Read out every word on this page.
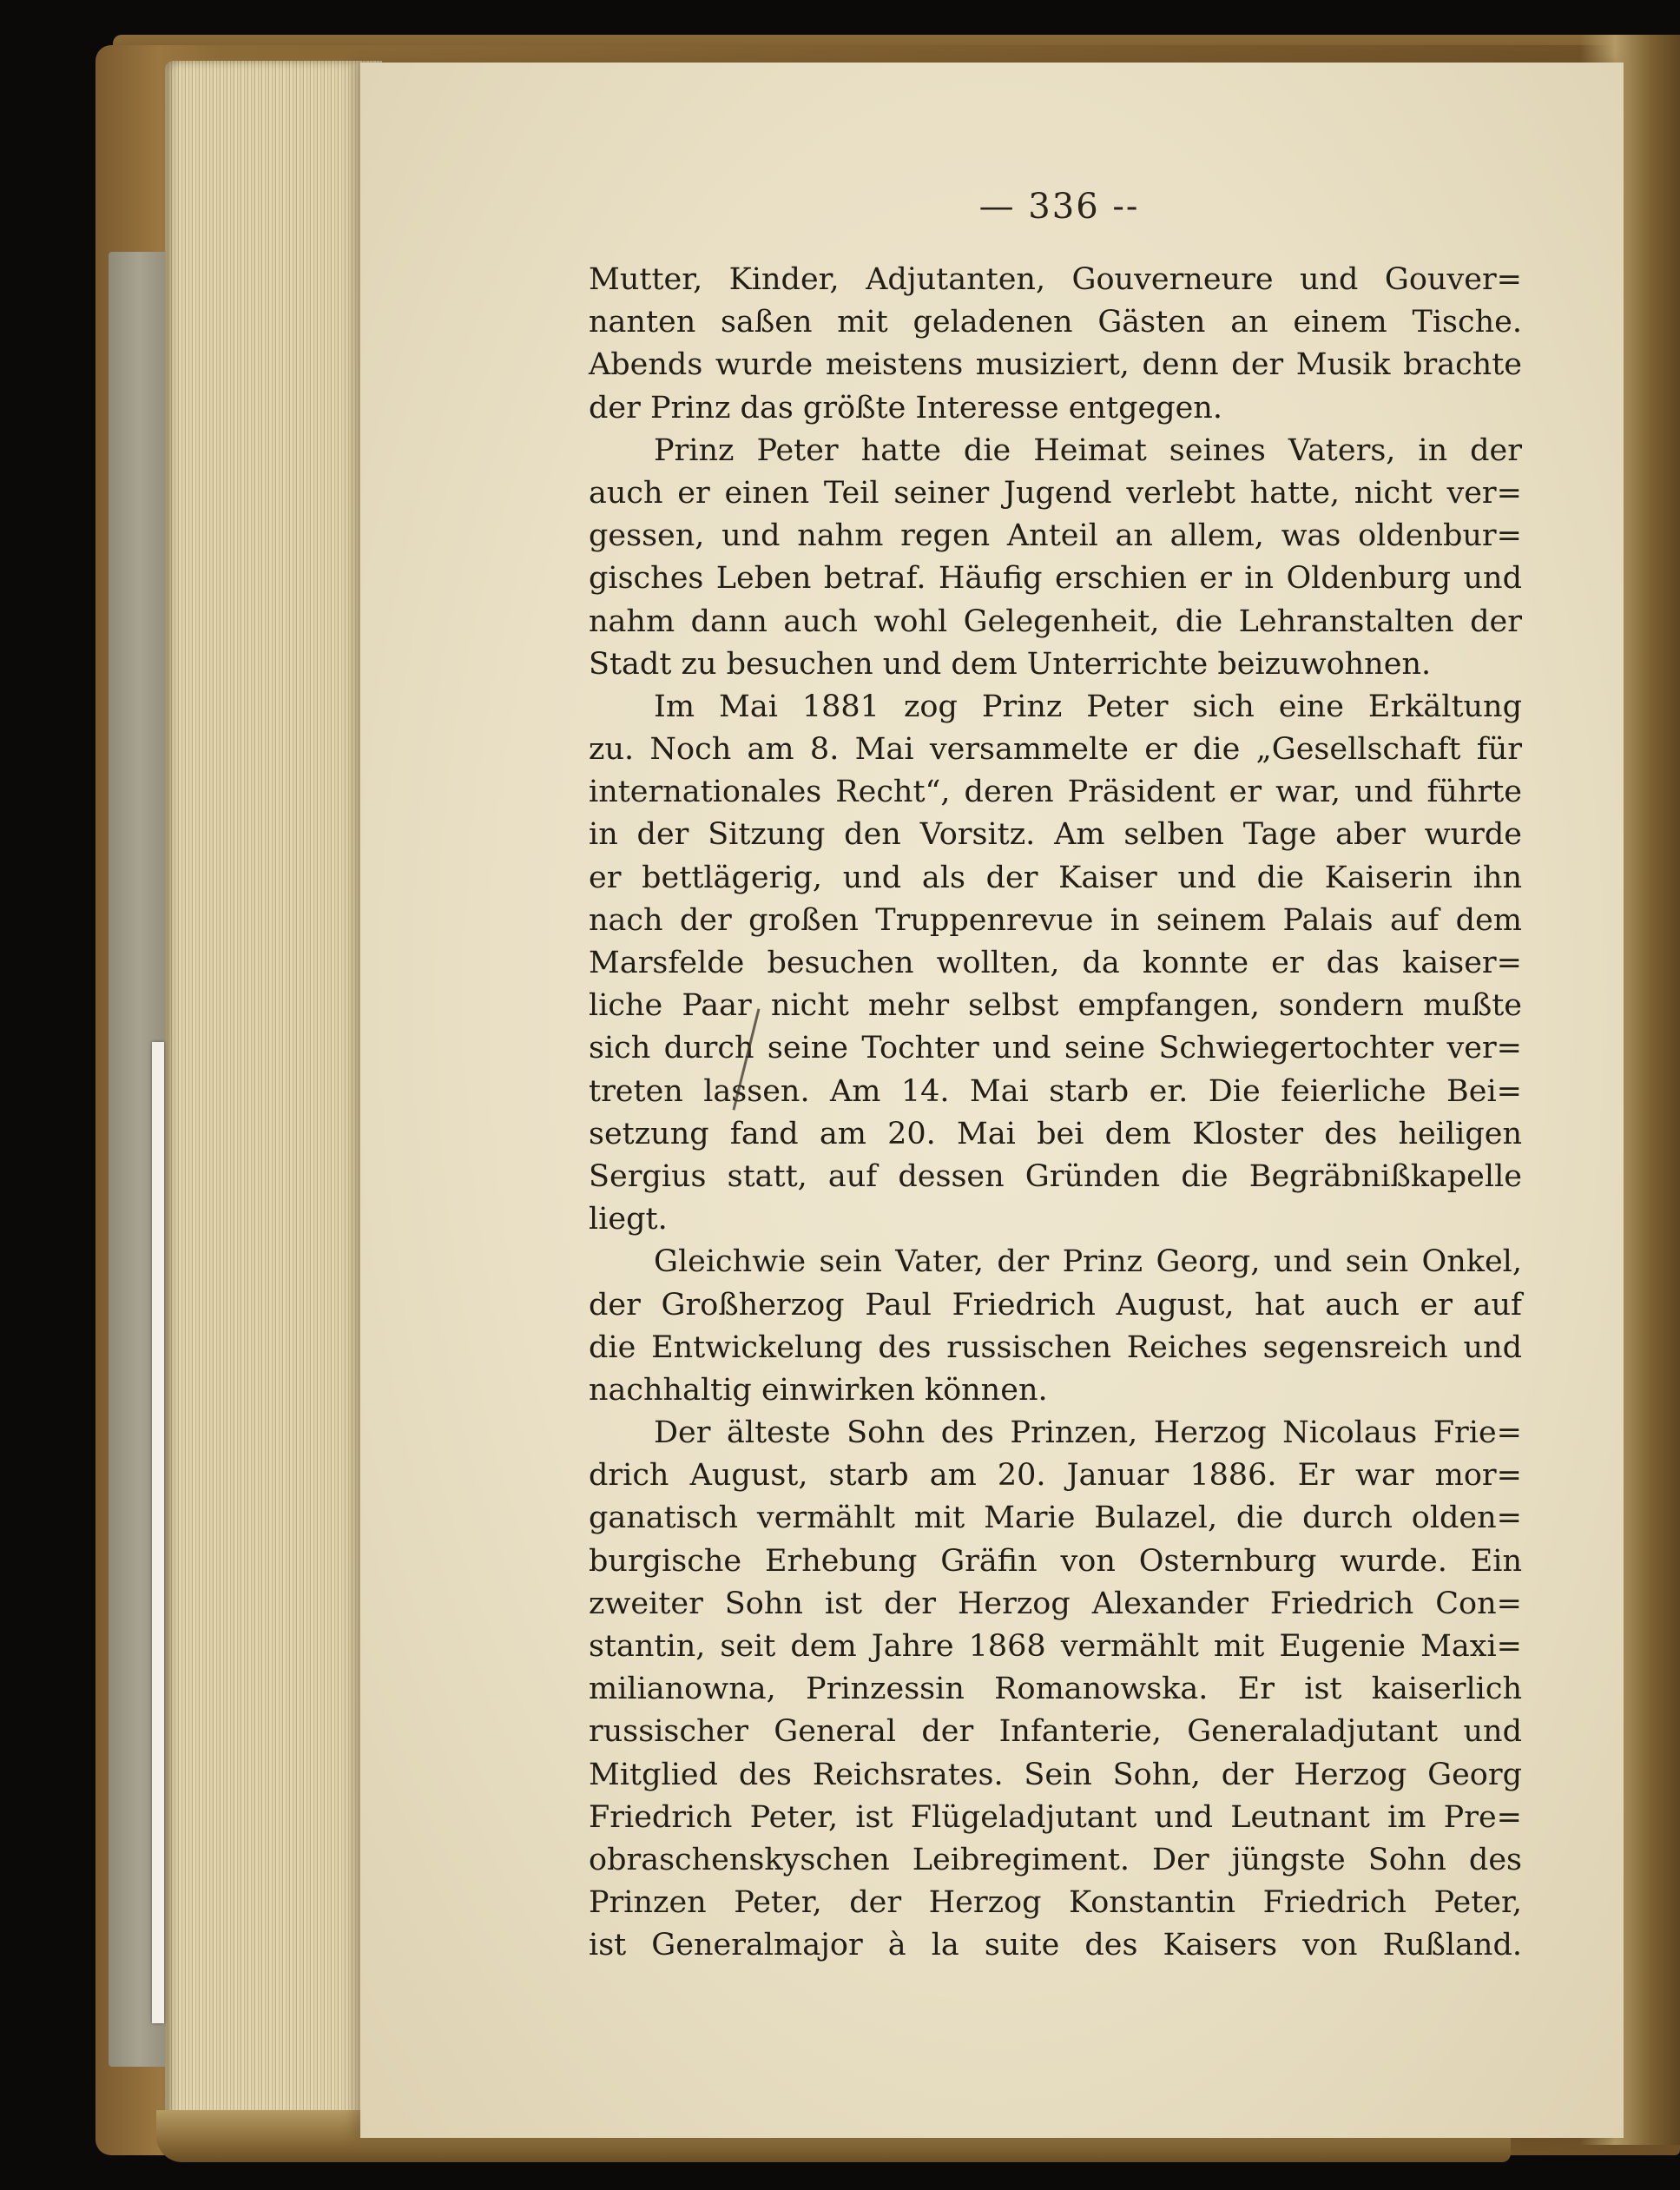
— 336 --
Mutter, Kinder, Adjutanten, Gouverneure und Gouver=
nanten saßen mit geladenen Gästen an einem Tische.
Abends wurde meistens musiziert, denn der Musik brachte
der Prinz das größte Interesse entgegen.
Prinz Peter hatte die Heimat seines Vaters, in der
auch er einen Teil seiner Jugend verlebt hatte, nicht ver=
gessen, und nahm regen Anteil an allem, was oldenbur=
gisches Leben betraf. Häufig erschien er in Oldenburg und
nahm dann auch wohl Gelegenheit, die Lehranstalten der
Stadt zu besuchen und dem Unterrichte beizuwohnen.
Im Mai 1881 zog Prinz Peter sich eine Erkältung
zu. Noch am 8. Mai versammelte er die „Gesellschaft für
internationales Recht“, deren Präsident er war, und führte
in der Sitzung den Vorsitz. Am selben Tage aber wurde
er bettlägerig, und als der Kaiser und die Kaiserin ihn
nach der großen Truppenrevue in seinem Palais auf dem
Marsfelde besuchen wollten, da konnte er das kaiser=
liche Paar nicht mehr selbst empfangen, sondern mußte
sich durch seine Tochter und seine Schwiegertochter ver=
treten lassen. Am 14. Mai starb er. Die feierliche Bei=
setzung fand am 20. Mai bei dem Kloster des heiligen
Sergius statt, auf dessen Gründen die Begräbnißkapelle
liegt.
Gleichwie sein Vater, der Prinz Georg, und sein Onkel,
der Großherzog Paul Friedrich August, hat auch er auf
die Entwickelung des russischen Reiches segensreich und
nachhaltig einwirken können.
Der älteste Sohn des Prinzen, Herzog Nicolaus Frie=
drich August, starb am 20. Januar 1886. Er war mor=
ganatisch vermählt mit Marie Bulazel, die durch olden=
burgische Erhebung Gräfin von Osternburg wurde. Ein
zweiter Sohn ist der Herzog Alexander Friedrich Con=
stantin, seit dem Jahre 1868 vermählt mit Eugenie Maxi=
milianowna, Prinzessin Romanowska. Er ist kaiserlich
russischer General der Infanterie, Generaladjutant und
Mitglied des Reichsrates. Sein Sohn, der Herzog Georg
Friedrich Peter, ist Flügeladjutant und Leutnant im Pre=
obraschenskyschen Leibregiment. Der jüngste Sohn des
Prinzen Peter, der Herzog Konstantin Friedrich Peter,
ist Generalmajor à la suite des Kaisers von Rußland.
